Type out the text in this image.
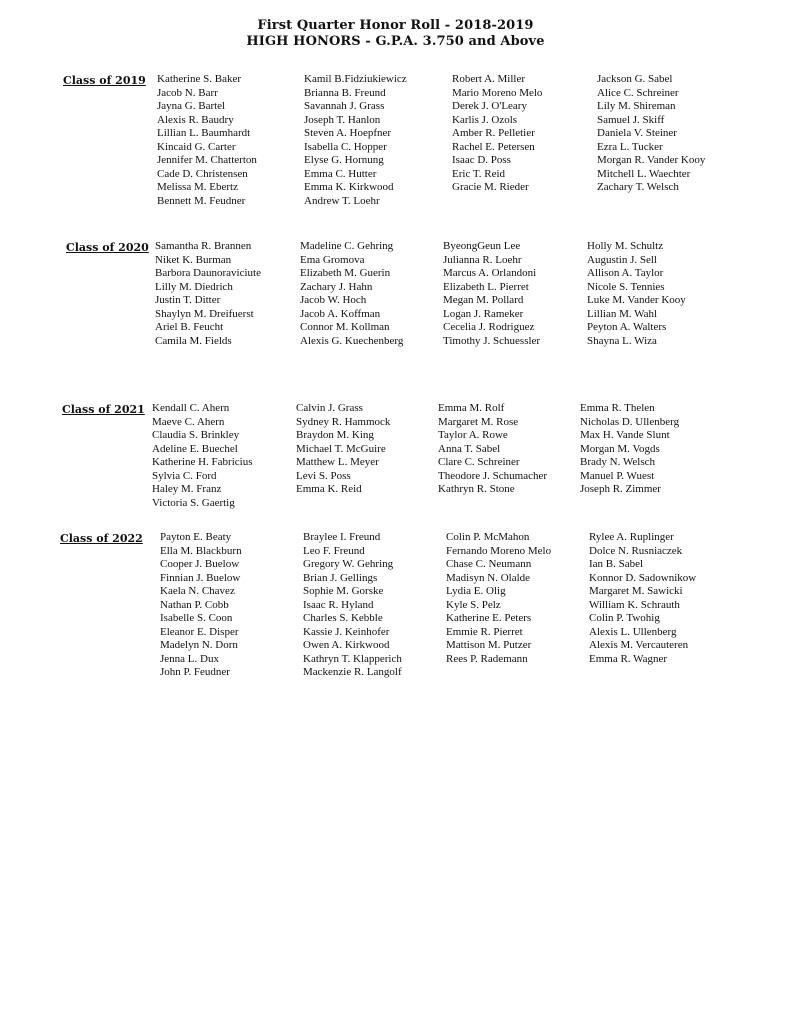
First Quarter Honor Roll - 2018-2019
HIGH HONORS - G.P.A. 3.750 and Above
Class of 2019 Katherine S. Baker
Jacob N. Barr
Jayna G. Bartel
Alexis R. Baudry
Lillian L. Baumhardt
Kincaid G. Carter
Jennifer M. Chatterton
Cade D. Christensen
Melissa M. Ebertz
Bennett M. Feudner
Kamil B.Fidziukiewicz
Brianna B. Freund
Savannah J. Grass
Joseph T. Hanlon
Steven A. Hoepfner
Isabella C. Hopper
Elyse G. Hornung
Emma C. Hutter
Emma K. Kirkwood
Andrew T. Loehr
Robert A. Miller
Mario Moreno Melo
Derek J. O'Leary
Karlis J. Ozols
Amber R. Pelletier
Rachel E. Petersen
Isaac D. Poss
Eric T. Reid
Gracie M. Rieder
Jackson G. Sabel
Alice C. Schreiner
Lily M. Shireman
Samuel J. Skiff
Daniela V. Steiner
Ezra L. Tucker
Morgan R. Vander Kooy
Mitchell L. Waechter
Zachary T. Welsch
Class of 2020 Samantha R. Brannen
Niket K. Burman
Barbora Daunoraviciute
Lilly M. Diedrich
Justin T. Ditter
Shaylyn M. Dreifuerst
Ariel B. Feucht
Camila M. Fields
Madeline C. Gehring
Ema Gromova
Elizabeth M. Guerin
Zachary J. Hahn
Jacob W. Hoch
Jacob A. Koffman
Connor M. Kollman
Alexis G. Kuechenberg
ByeongGeun Lee
Julianna R. Loehr
Marcus A. Orlandoni
Elizabeth L. Pierret
Megan M. Pollard
Logan J. Rameker
Cecelia J. Rodriguez
Timothy J. Schuessler
Holly M. Schultz
Augustin J. Sell
Allison A. Taylor
Nicole S. Tennies
Luke M. Vander Kooy
Lillian M. Wahl
Peyton A. Walters
Shayna L. Wiza
Class of 2021 Kendall C. Ahern
Maeve C. Ahern
Claudia S. Brinkley
Adeline E. Buechel
Katherine H. Fabricius
Sylvia C. Ford
Haley M. Franz
Victoria S. Gaertig
Calvin J. Grass
Sydney R. Hammock
Braydon M. King
Michael T. McGuire
Matthew L. Meyer
Levi S. Poss
Emma K. Reid
Emma M. Rolf
Margaret M. Rose
Taylor A. Rowe
Anna T. Sabel
Clare C. Schreiner
Theodore J. Schumacher
Kathryn R. Stone
Emma R. Thelen
Nicholas D. Ullenberg
Max H. Vande Slunt
Morgan M. Vogds
Brady N. Welsch
Manuel P. Wuest
Joseph R. Zimmer
Class of 2022 Payton E. Beaty
Ella M. Blackburn
Cooper J. Buelow
Finnian J. Buelow
Kaela N. Chavez
Nathan P. Cobb
Isabelle S. Coon
Eleanor E. Disper
Madelyn N. Dorn
Jenna L. Dux
John P. Feudner
Braylee I. Freund
Leo F. Freund
Gregory W. Gehring
Brian J. Gellings
Sophie M. Gorske
Isaac R. Hyland
Charles S. Kebble
Kassie J. Keinhofer
Owen A. Kirkwood
Kathryn T. Klapperich
Mackenzie R. Langolf
Colin P. McMahon
Fernando Moreno Melo
Chase C. Neumann
Madisyn N. Olalde
Lydia E. Olig
Kyle S. Pelz
Katherine E. Peters
Emmie R. Pierret
Mattison M. Putzer
Rees P. Rademann
Rylee A. Ruplinger
Dolce N. Rusniaczek
Ian B. Sabel
Konnor D. Sadownikow
Margaret M. Sawicki
William K. Schrauth
Colin P. Twohig
Alexis L. Ullenberg
Alexis M. Vercauteren
Emma R. Wagner
